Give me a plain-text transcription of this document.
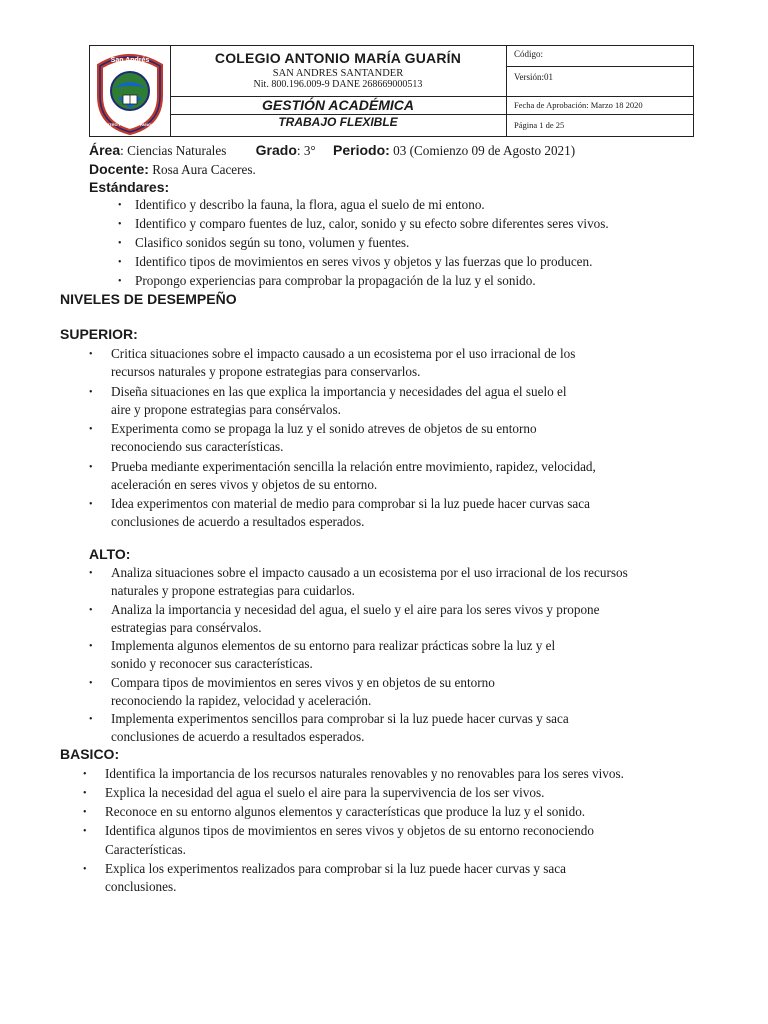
San Andrés
CENTRO POBLADO PANGOTE
COLEGIO ANTONIO MARÍA GUARÍN
SAN ANDRES SANTANDER
Nit. 800.196.009-9 DANE 268669000513
GESTIÓN ACADÉMICA
TRABAJO FLEXIBLE
Código:
Versión:01
Fecha de Aprobación: Marzo 18 2020
Página 1 de 25
Área: Ciencias Naturales Grado: 3° Periodo: 03 (Comienzo 09 de Agosto 2021)
Docente: Rosa Aura Caceres.
Estándares:
• Identifico y describo la fauna, la flora, agua el suelo de mi entono.
• Identifico y comparo fuentes de luz, calor, sonido y su efecto sobre diferentes seres vivos.
• Clasifico sonidos según su tono, volumen y fuentes.
• Identifico tipos de movimientos en seres vivos y objetos y las fuerzas que lo producen.
• Propongo experiencias para comprobar la propagación de la luz y el sonido.
NIVELES DE DESEMPEÑO
SUPERIOR:
• Critica situaciones sobre el impacto causado a un ecosistema por el uso irracional de los
recursos naturales y propone estrategias para conservarlos.
• Diseña situaciones en las que explica la importancia y necesidades del agua el suelo el
aire y propone estrategias para consérvalos.
• Experimenta como se propaga la luz y el sonido atreves de objetos de su entorno
reconociendo sus características.
• Prueba mediante experimentación sencilla la relación entre movimiento, rapidez, velocidad,
aceleración en seres vivos y objetos de su entorno.
• Idea experimentos con material de medio para comprobar si la luz puede hacer curvas saca
conclusiones de acuerdo a resultados esperados.
ALTO:
• Analiza situaciones sobre el impacto causado a un ecosistema por el uso irracional de los recursos
naturales y propone estrategias para cuidarlos.
• Analiza la importancia y necesidad del agua, el suelo y el aire para los seres vivos y propone
estrategias para consérvalos.
• Implementa algunos elementos de su entorno para realizar prácticas sobre la luz y el
sonido y reconocer sus características.
• Compara tipos de movimientos en seres vivos y en objetos de su entorno
reconociendo la rapidez, velocidad y aceleración.
• Implementa experimentos sencillos para comprobar si la luz puede hacer curvas y saca
conclusiones de acuerdo a resultados esperados.
BASICO:
• Identifica la importancia de los recursos naturales renovables y no renovables para los seres vivos.
• Explica la necesidad del agua el suelo el aire para la supervivencia de los ser vivos.
• Reconoce en su entorno algunos elementos y características que produce la luz y el sonido.
• Identifica algunos tipos de movimientos en seres vivos y objetos de su entorno reconociendo
Características.
• Explica los experimentos realizados para comprobar si la luz puede hacer curvas y saca
conclusiones.
